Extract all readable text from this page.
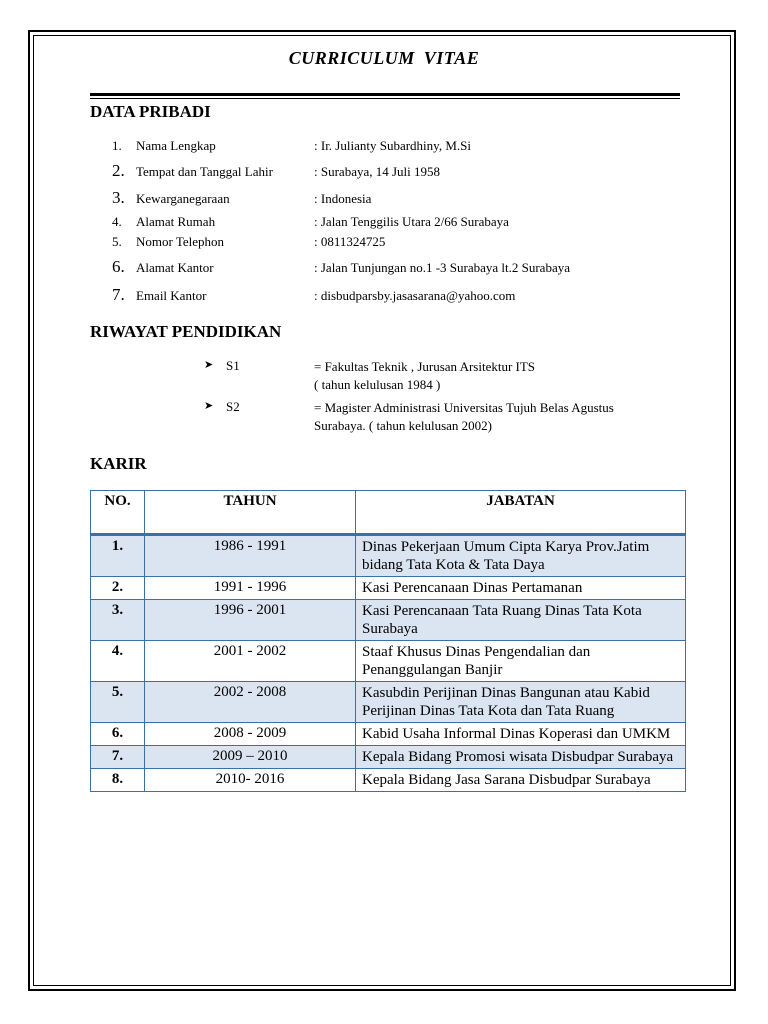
CURRICULUM VITAE
DATA PRIBADI
1.	Nama Lengkap	: Ir. Julianty Subardhiny, M.Si
2. Tempat dan Tanggal Lahir	: Surabaya, 14 Juli 1958
3. Kewarganegaraan	: Indonesia
4.	Alamat Rumah	: Jalan Tenggilis Utara 2/66 Surabaya
5.	Nomor Telephon	: 0811324725
6. Alamat Kantor	: Jalan Tunjungan no.1 -3 Surabaya lt.2 Surabaya
7. Email Kantor	: disbudparsby.jasasarana@yahoo.com
RIWAYAT PENDIDIKAN
➤ S1	= Fakultas Teknik , Jurusan Arsitektur ITS
( tahun kelulusan 1984 )
➤ S2	= Magister Administrasi Universitas Tujuh Belas Agustus
Surabaya. ( tahun kelulusan 2002)
KARIR
NO.	TAHUN	JABATAN
1.	1986 - 1991	Dinas Pekerjaan Umum Cipta Karya Prov.Jatim bidang Tata Kota & Tata Daya
2.	1991 - 1996	Kasi Perencanaan Dinas Pertamanan
3.	1996 - 2001	Kasi Perencanaan Tata Ruang Dinas Tata Kota Surabaya
4.	2001 - 2002	Staaf Khusus Dinas Pengendalian dan Penanggulangan Banjir
5.	2002 - 2008	Kasubdin Perijinan Dinas Bangunan atau Kabid Perijinan Dinas Tata Kota dan Tata Ruang
6.	2008 - 2009	Kabid Usaha Informal Dinas Koperasi dan UMKM
7.	2009 – 2010	Kepala Bidang Promosi wisata Disbudpar Surabaya
8.	2010- 2016	Kepala Bidang Jasa Sarana Disbudpar Surabaya
